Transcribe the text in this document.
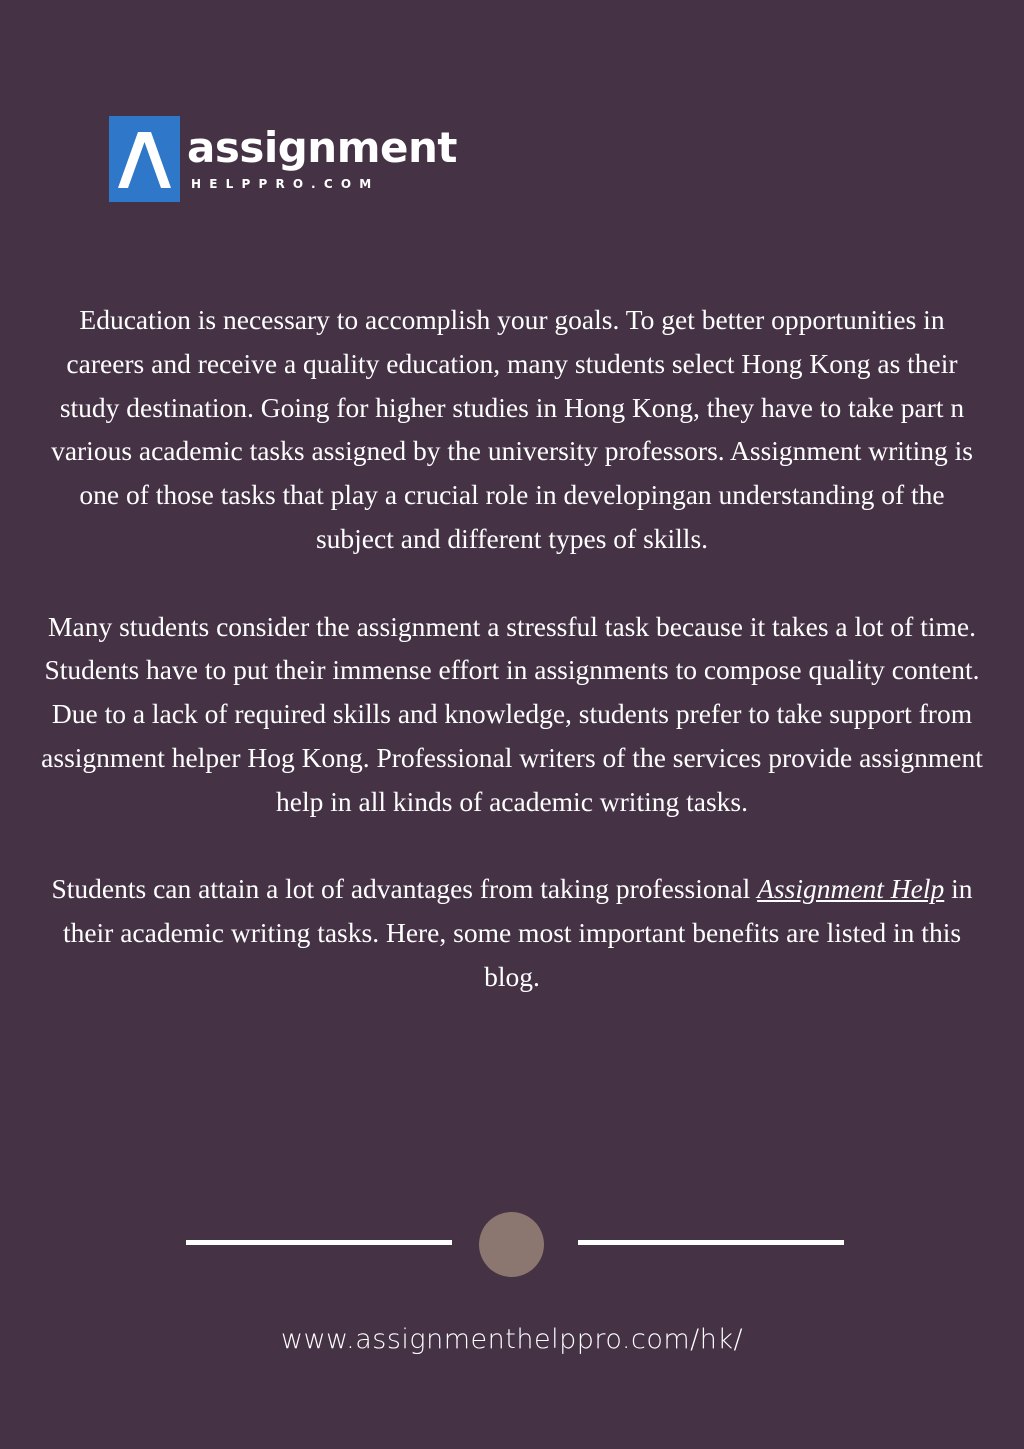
assignment
HELPPRO.COM

Education is necessary to accomplish your goals. To get better opportunities in careers and receive a quality education, many students select Hong Kong as their study destination. Going for higher studies in Hong Kong, they have to take part n various academic tasks assigned by the university professors. Assignment writing is one of those tasks that play a crucial role in developingan understanding of the subject and different types of skills.

Many students consider the assignment a stressful task because it takes a lot of time. Students have to put their immense effort in assignments to compose quality content. Due to a lack of required skills and knowledge, students prefer to take support from assignment helper Hog Kong. Professional writers of the services provide assignment help in all kinds of academic writing tasks.

Students can attain a lot of advantages from taking professional Assignment Help in their academic writing tasks. Here, some most important benefits are listed in this blog.

www.assignmenthelppro.com/hk/
